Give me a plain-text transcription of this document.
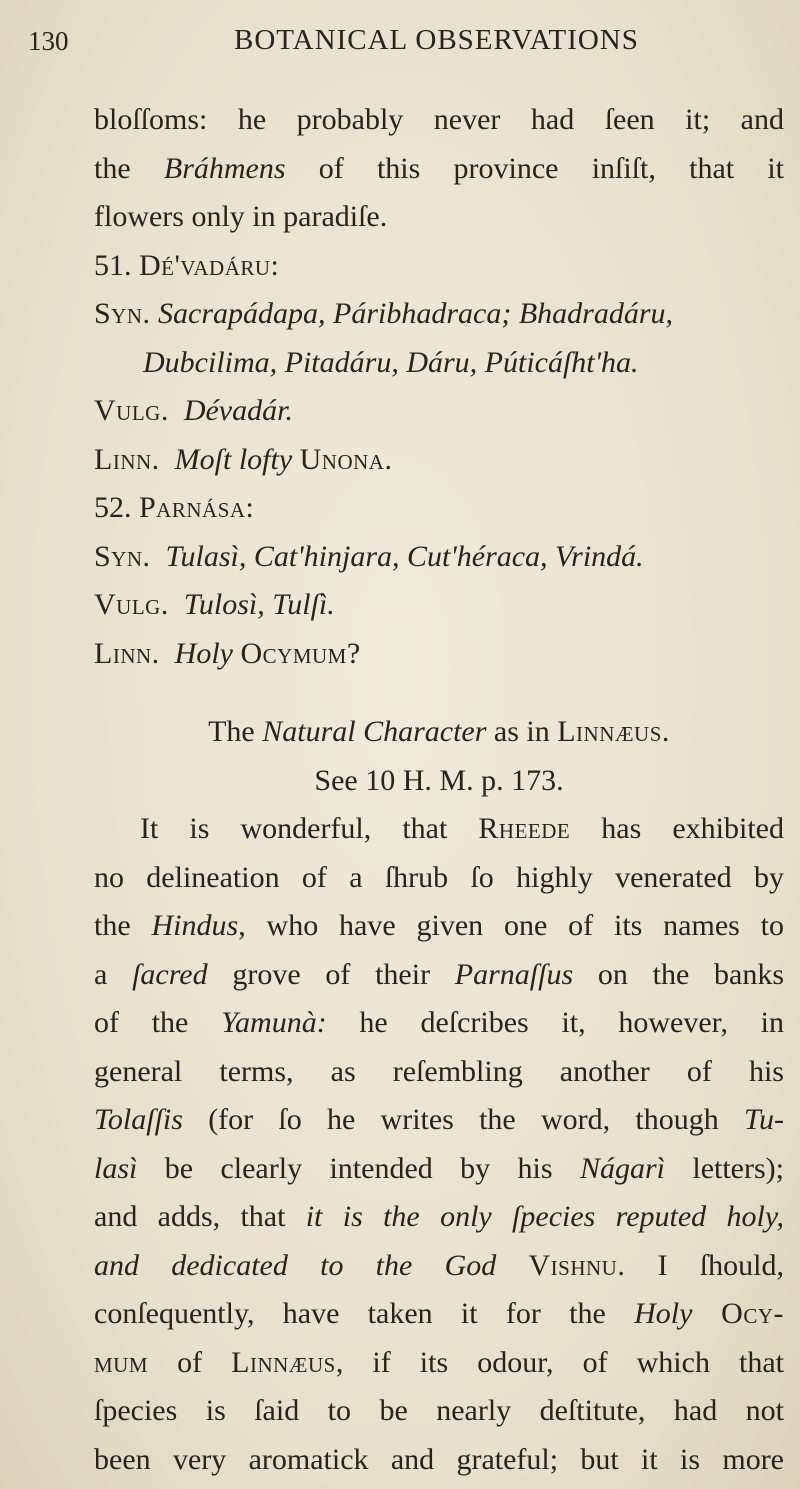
130	BOTANICAL OBSERVATIONS
bloſſoms: he probably never had ſeen it; and
the Bráhmens of this province inſiſt, that it
flowers only in paradiſe.
51. Dé'vadáru:
Syn. Sacrapádapa, Páribhadraca; Bhadradáru,
Dubcilima, Pitadáru, Dáru, Púticáſht'ha.
Vulg. Dévadár.
Linn. Moſt lofty Unona.
52. Parnása:
Syn. Tulasì, Cat'hinjara, Cut'héraca, Vrindá.
Vulg. Tulosì, Tulſì.
Linn. Holy Ocymum?
The Natural Character as in Linnæus.
See 10 H. M. p. 173.
It is wonderful, that Rheede has exhibited
no delineation of a ſhrub ſo highly venerated by
the Hindus, who have given one of its names to
a ſacred grove of their Parnaſſus on the banks
of the Yamunà: he deſcribes it, however, in
general terms, as reſembling another of his
Tolaſſis (for ſo he writes the word, though Tu-
lasì be clearly intended by his Nágarì letters);
and adds, that it is the only ſpecies reputed holy,
and dedicated to the God Vishnu. I ſhould,
conſequently, have taken it for the Holy Ocy-
mum of Linnæus, if its odour, of which that
ſpecies is ſaid to be nearly deſtitute, had not
been very aromatick and grateful; but it is more
